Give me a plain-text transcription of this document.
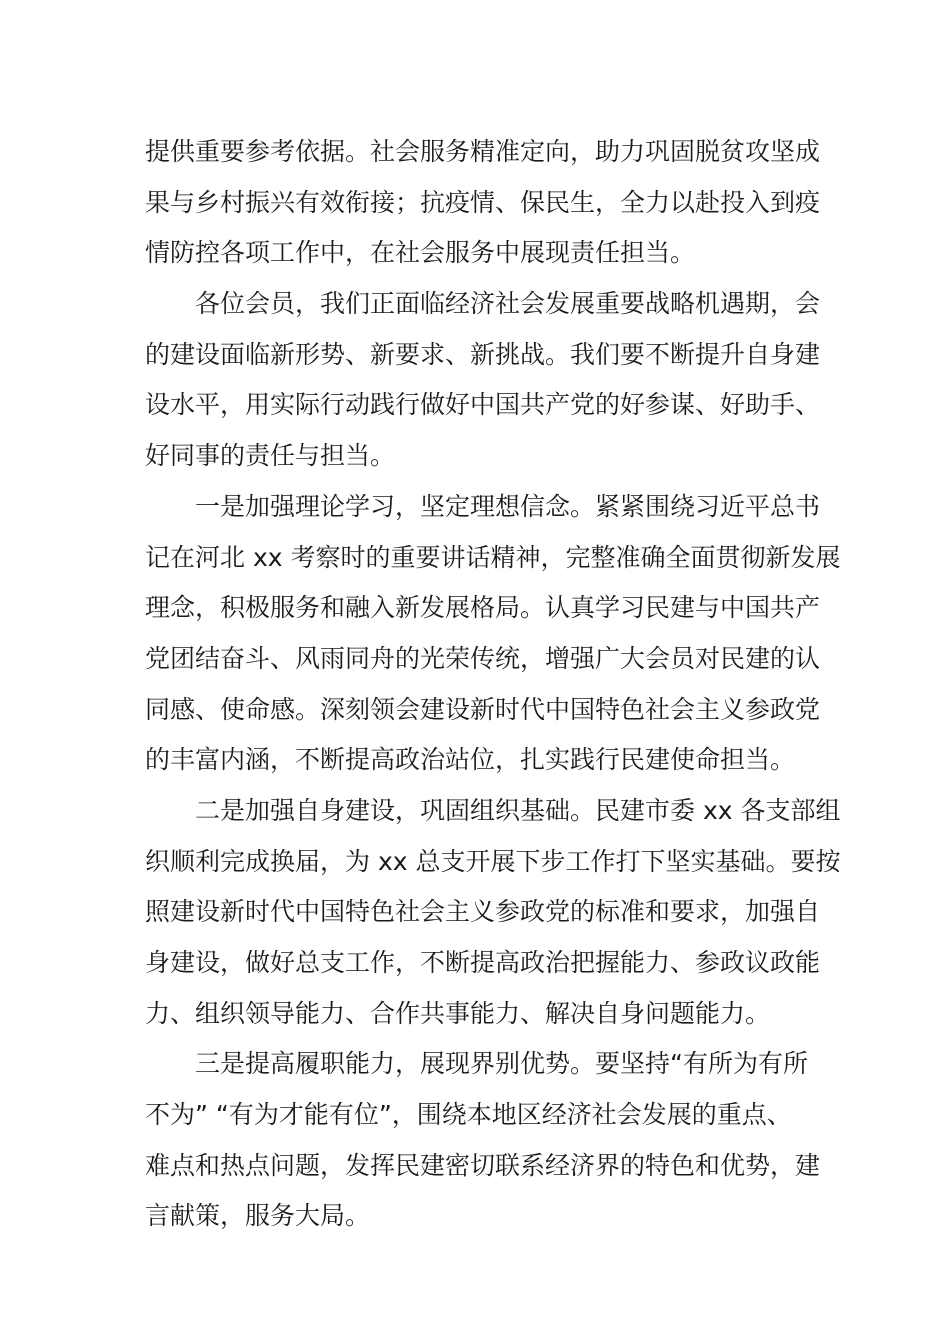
提供重要参考依据。社会服务精准定向，助力巩固脱贫攻坚成
果与乡村振兴有效衔接；抗疫情、保民生，全力以赴投入到疫
情防控各项工作中，在社会服务中展现责任担当。
各位会员，我们正面临经济社会发展重要战略机遇期，会
的建设面临新形势、新要求、新挑战。我们要不断提升自身建
设水平，用实际行动践行做好中国共产党的好参谋、好助手、
好同事的责任与担当。
一是加强理论学习，坚定理想信念。紧紧围绕习近平总书
记在河北 xx 考察时的重要讲话精神，完整准确全面贯彻新发展
理念，积极服务和融入新发展格局。认真学习民建与中国共产
党团结奋斗、风雨同舟的光荣传统，增强广大会员对民建的认
同感、使命感。深刻领会建设新时代中国特色社会主义参政党
的丰富内涵，不断提高政治站位，扎实践行民建使命担当。
二是加强自身建设，巩固组织基础。民建市委 xx 各支部组
织顺利完成换届，为 xx 总支开展下步工作打下坚实基础。要按
照建设新时代中国特色社会主义参政党的标准和要求，加强自
身建设，做好总支工作，不断提高政治把握能力、参政议政能
力、组织领导能力、合作共事能力、解决自身问题能力。
三是提高履职能力，展现界别优势。要坚持“有所为有所
不为” “有为才能有位”，围绕本地区经济社会发展的重点、
难点和热点问题，发挥民建密切联系经济界的特色和优势，建
言献策，服务大局。
